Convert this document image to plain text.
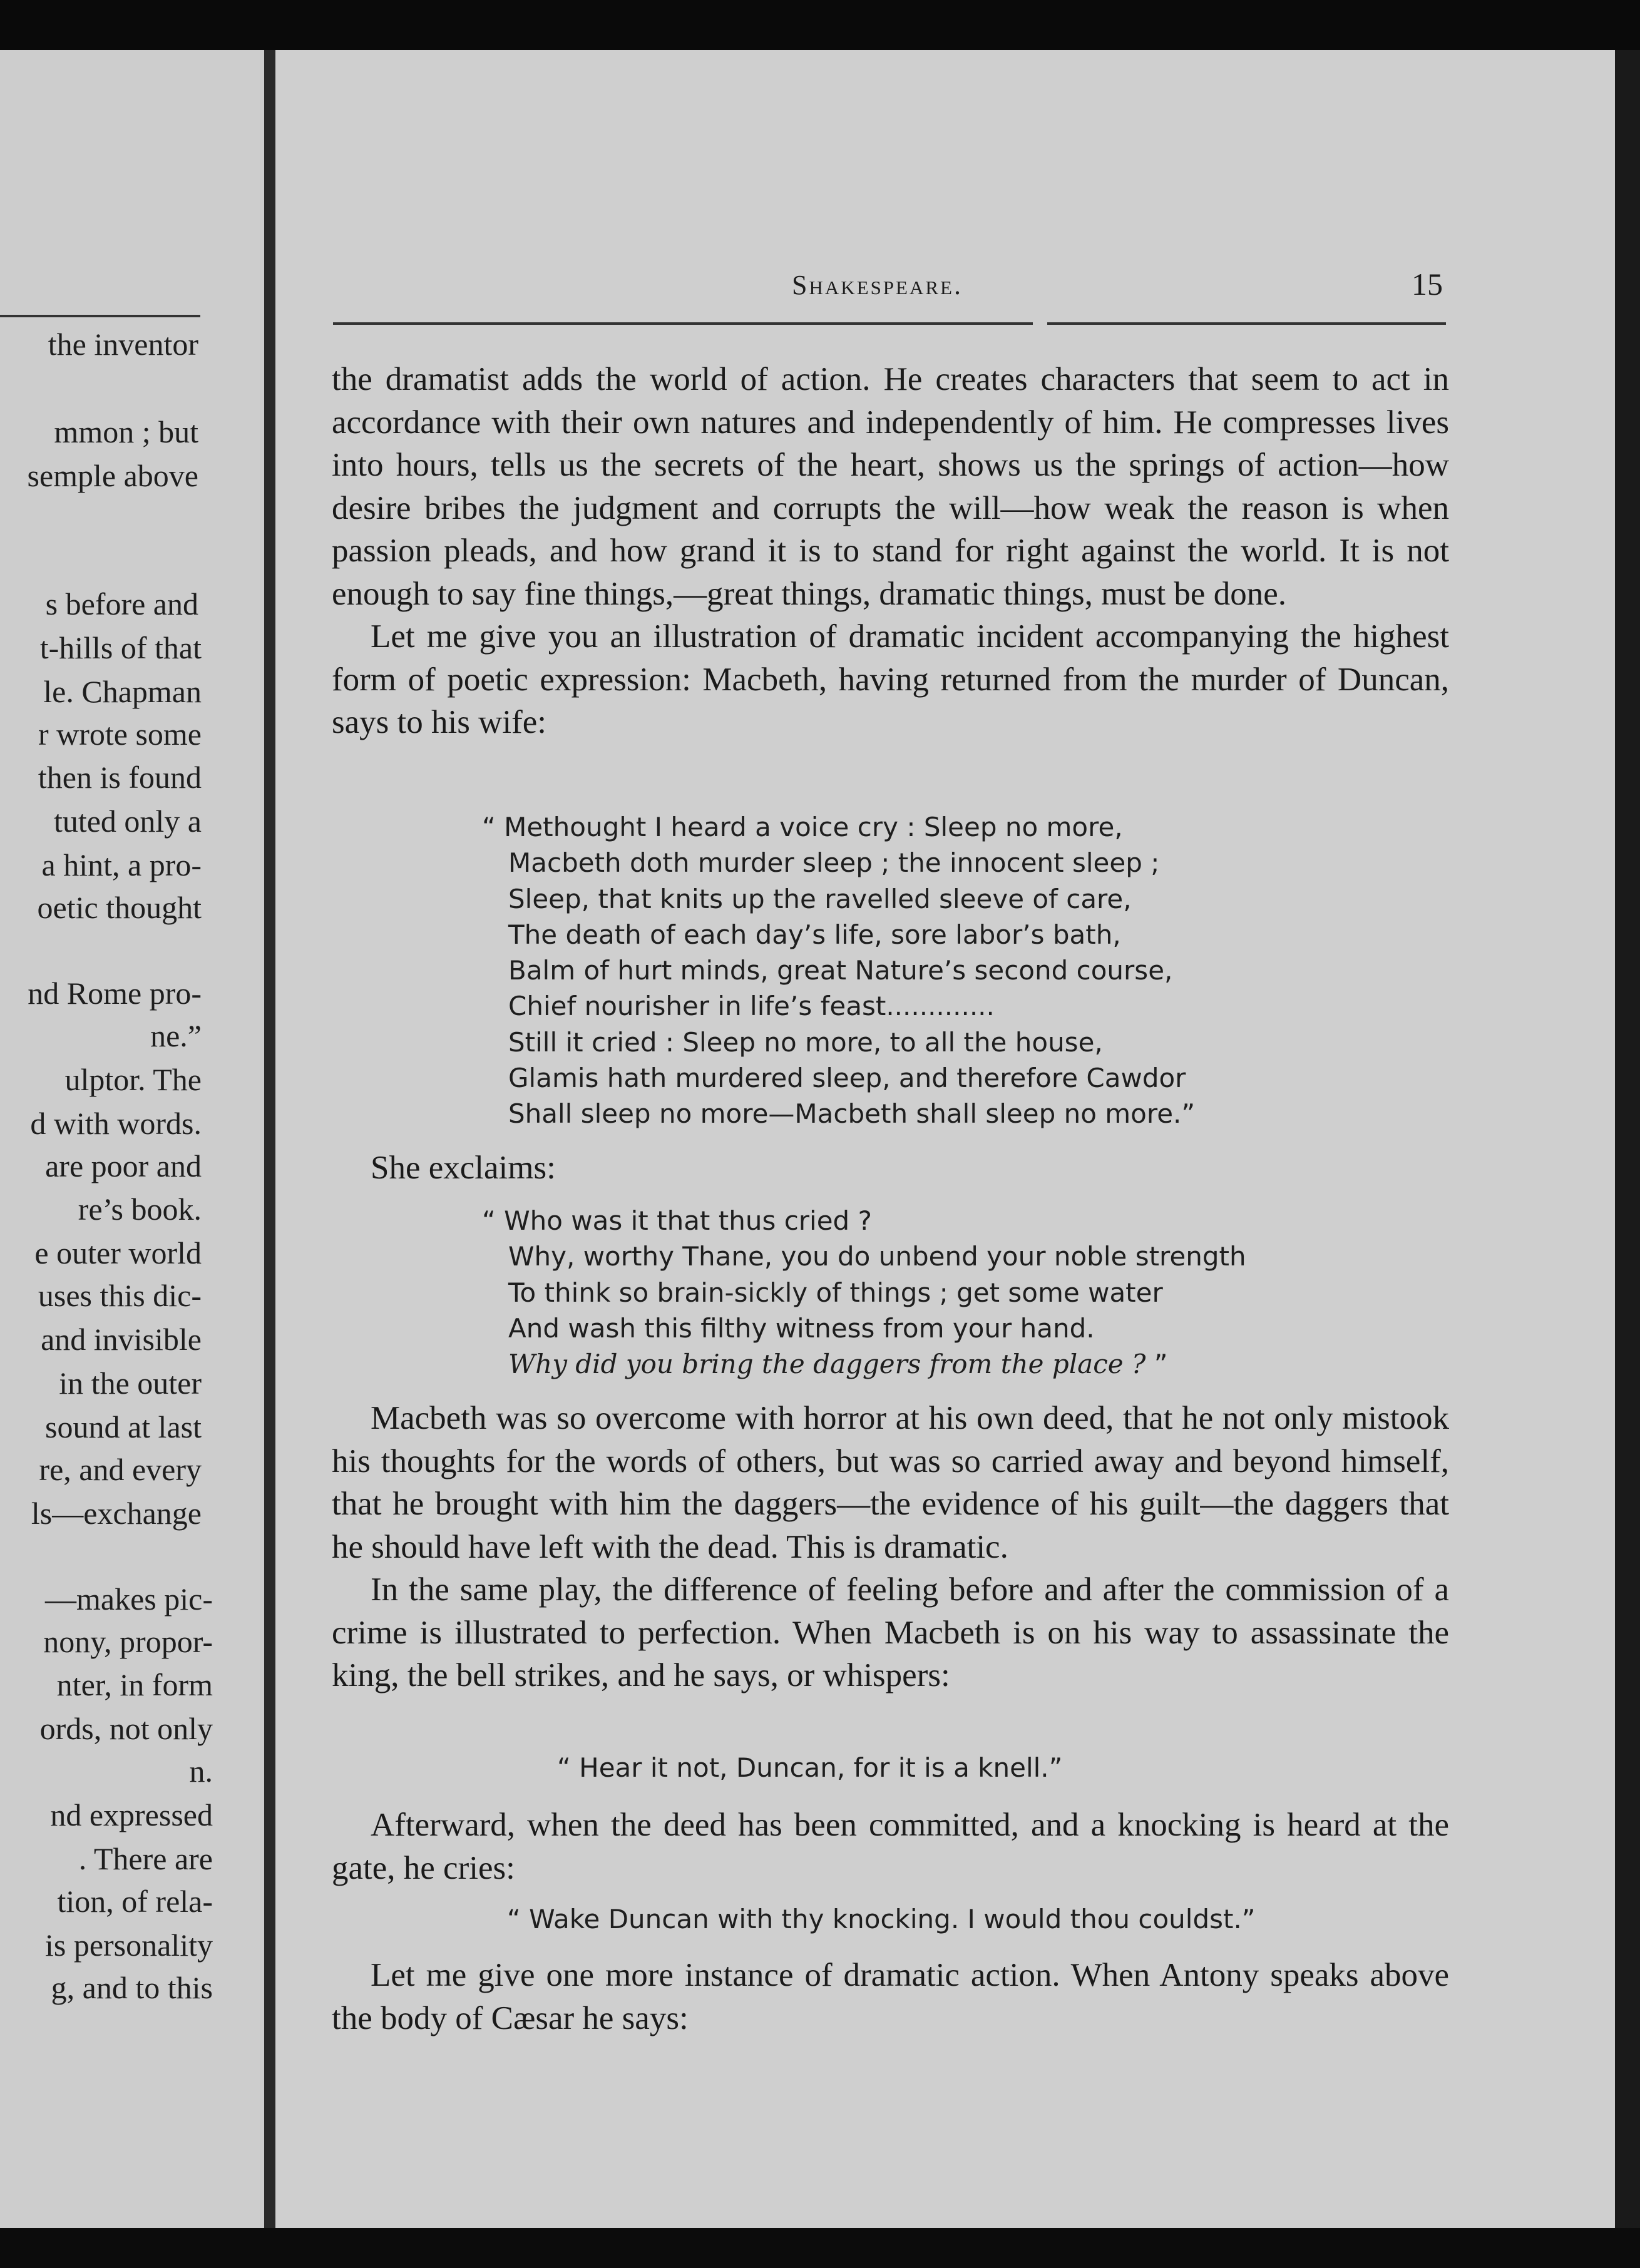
the inventor
mmon ; but
semple above
s before and
t-hills of that
le. Chapman
r wrote some
then is found
tuted only a
a hint, a pro-
oetic thought
nd Rome pro-
ne.”
ulptor. The
d with words.
are poor and
re’s book.
e outer world
uses this dic-
and invisible
in the outer
sound at last
re, and every
ls—exchange
—makes pic-
nony, propor-
nter, in form
ords, not only
n.
nd expressed
. There are
tion, of rela-
is personality
g, and to this
Shakespeare.	15

the dramatist adds the world of action. He creates characters that seem to act in accordance with their own natures and independently of him. He compresses lives into hours, tells us the secrets of the heart, shows us the springs of action—how desire bribes the judgment and corrupts the will—how weak the reason is when passion pleads, and how grand it is to stand for right against the world. It is not enough to say fine things,—great things, dramatic things, must be done.

Let me give you an illustration of dramatic incident accompanying the highest form of poetic expression: Macbeth, having returned from the murder of Duncan, says to his wife:

“ Methought I heard a voice cry : Sleep no more,
Macbeth doth murder sleep ; the innocent sleep ;
Sleep, that knits up the ravelled sleeve of care,
The death of each day’s life, sore labor’s bath,
Balm of hurt minds, great Nature’s second course,
Chief nourisher in life’s feast.............
Still it cried : Sleep no more, to all the house,
Glamis hath murdered sleep, and therefore Cawdor
Shall sleep no more—Macbeth shall sleep no more.”

She exclaims:

“ Who was it that thus cried ?
Why, worthy Thane, you do unbend your noble strength
To think so brain-sickly of things ; get some water
And wash this filthy witness from your hand.
Why did you bring the daggers from the place ? ”

Macbeth was so overcome with horror at his own deed, that he not only mistook his thoughts for the words of others, but was so carried away and beyond himself, that he brought with him the daggers—the evidence of his guilt—the daggers that he should have left with the dead. This is dramatic.

In the same play, the difference of feeling before and after the commission of a crime is illustrated to perfection. When Macbeth is on his way to assassinate the king, the bell strikes, and he says, or whispers:

“ Hear it not, Duncan, for it is a knell.”

Afterward, when the deed has been committed, and a knocking is heard at the gate, he cries:

“ Wake Duncan with thy knocking. I would thou couldst.”

Let me give one more instance of dramatic action. When Antony speaks above the body of Cæsar he says:
